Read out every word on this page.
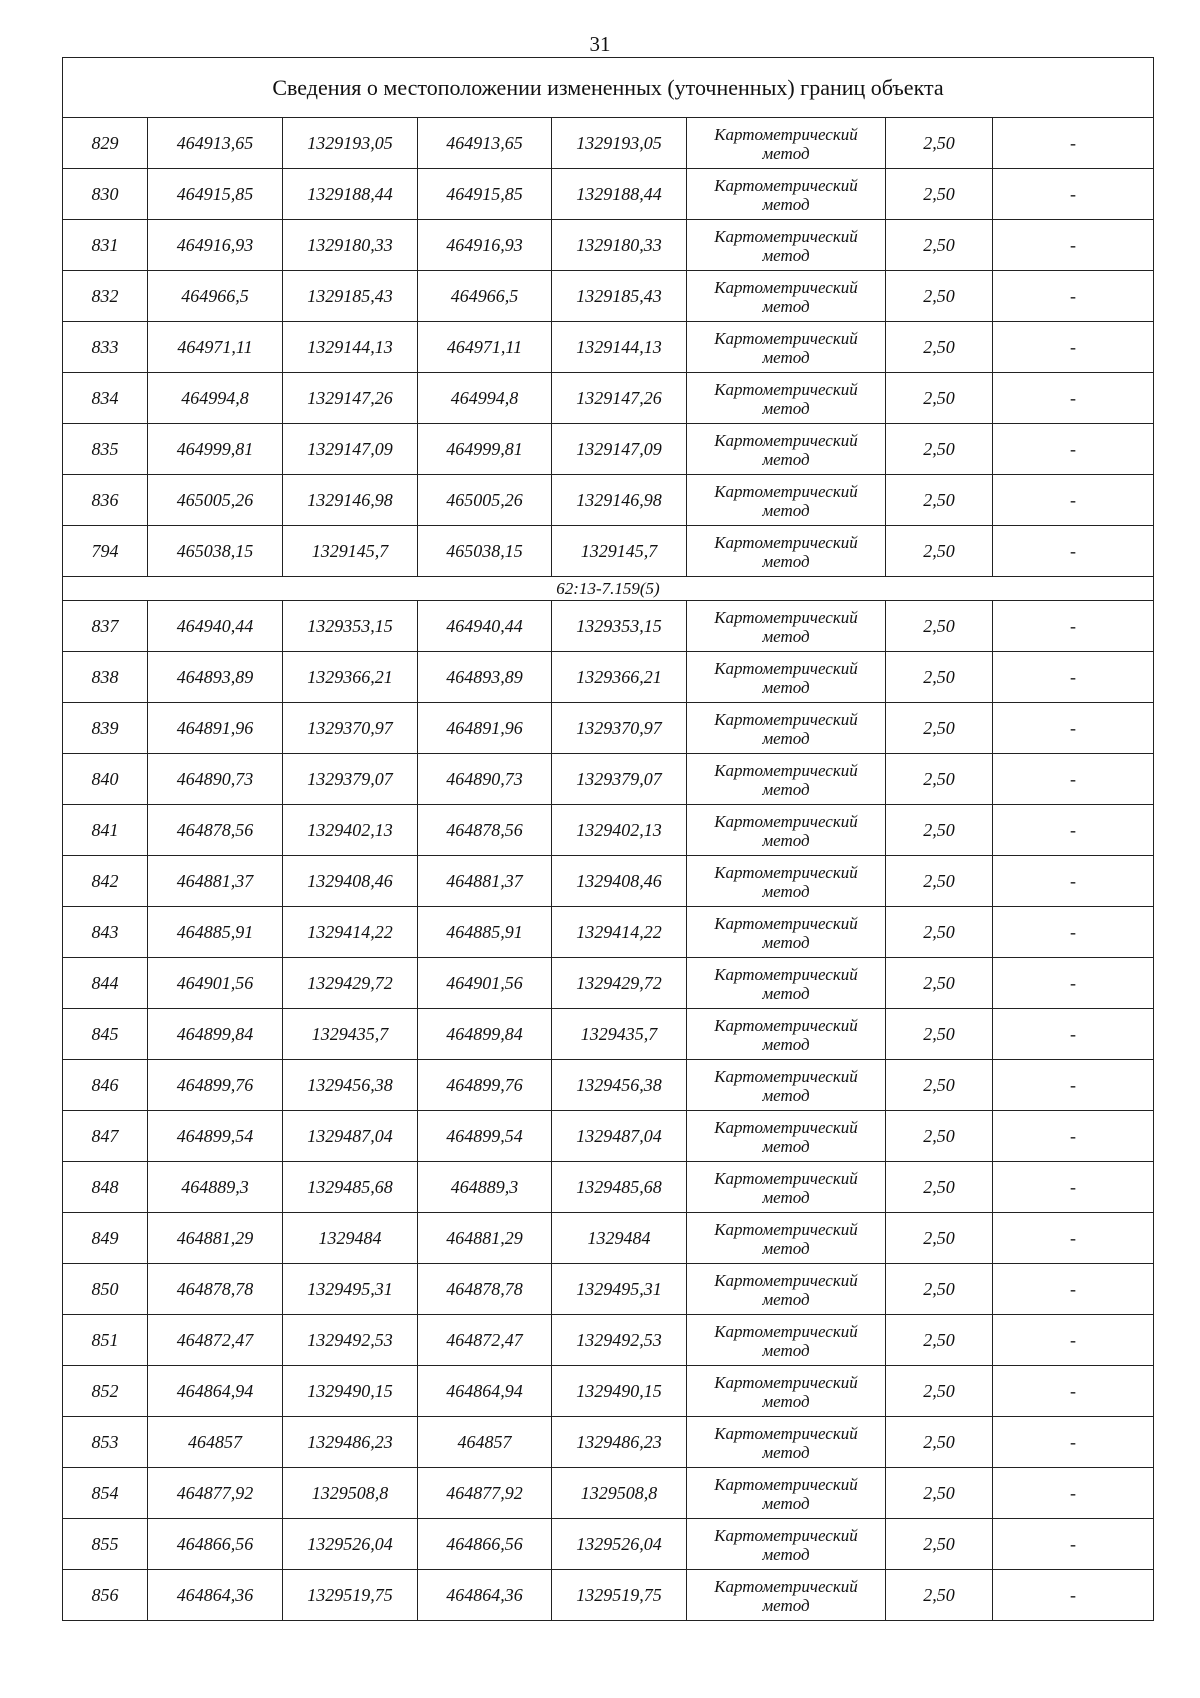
31
Сведения о местоположении измененных (уточненных) границ объекта							
829	464913,65	1329193,05	464913,65	1329193,05	Картометрический
метод	2,50	-
830	464915,85	1329188,44	464915,85	1329188,44	Картометрический
метод	2,50	-
831	464916,93	1329180,33	464916,93	1329180,33	Картометрический
метод	2,50	-
832	464966,5	1329185,43	464966,5	1329185,43	Картометрический
метод	2,50	-
833	464971,11	1329144,13	464971,11	1329144,13	Картометрический
метод	2,50	-
834	464994,8	1329147,26	464994,8	1329147,26	Картометрический
метод	2,50	-
835	464999,81	1329147,09	464999,81	1329147,09	Картометрический
метод	2,50	-
836	465005,26	1329146,98	465005,26	1329146,98	Картометрический
метод	2,50	-
794	465038,15	1329145,7	465038,15	1329145,7	Картометрический
метод	2,50	-
62:13-7.159(5)							
837	464940,44	1329353,15	464940,44	1329353,15	Картометрический
метод	2,50	-
838	464893,89	1329366,21	464893,89	1329366,21	Картометрический
метод	2,50	-
839	464891,96	1329370,97	464891,96	1329370,97	Картометрический
метод	2,50	-
840	464890,73	1329379,07	464890,73	1329379,07	Картометрический
метод	2,50	-
841	464878,56	1329402,13	464878,56	1329402,13	Картометрический
метод	2,50	-
842	464881,37	1329408,46	464881,37	1329408,46	Картометрический
метод	2,50	-
843	464885,91	1329414,22	464885,91	1329414,22	Картометрический
метод	2,50	-
844	464901,56	1329429,72	464901,56	1329429,72	Картометрический
метод	2,50	-
845	464899,84	1329435,7	464899,84	1329435,7	Картометрический
метод	2,50	-
846	464899,76	1329456,38	464899,76	1329456,38	Картометрический
метод	2,50	-
847	464899,54	1329487,04	464899,54	1329487,04	Картометрический
метод	2,50	-
848	464889,3	1329485,68	464889,3	1329485,68	Картометрический
метод	2,50	-
849	464881,29	1329484	464881,29	1329484	Картометрический
метод	2,50	-
850	464878,78	1329495,31	464878,78	1329495,31	Картометрический
метод	2,50	-
851	464872,47	1329492,53	464872,47	1329492,53	Картометрический
метод	2,50	-
852	464864,94	1329490,15	464864,94	1329490,15	Картометрический
метод	2,50	-
853	464857	1329486,23	464857	1329486,23	Картометрический
метод	2,50	-
854	464877,92	1329508,8	464877,92	1329508,8	Картометрический
метод	2,50	-
855	464866,56	1329526,04	464866,56	1329526,04	Картометрический
метод	2,50	-
856	464864,36	1329519,75	464864,36	1329519,75	Картометрический
метод	2,50	-
